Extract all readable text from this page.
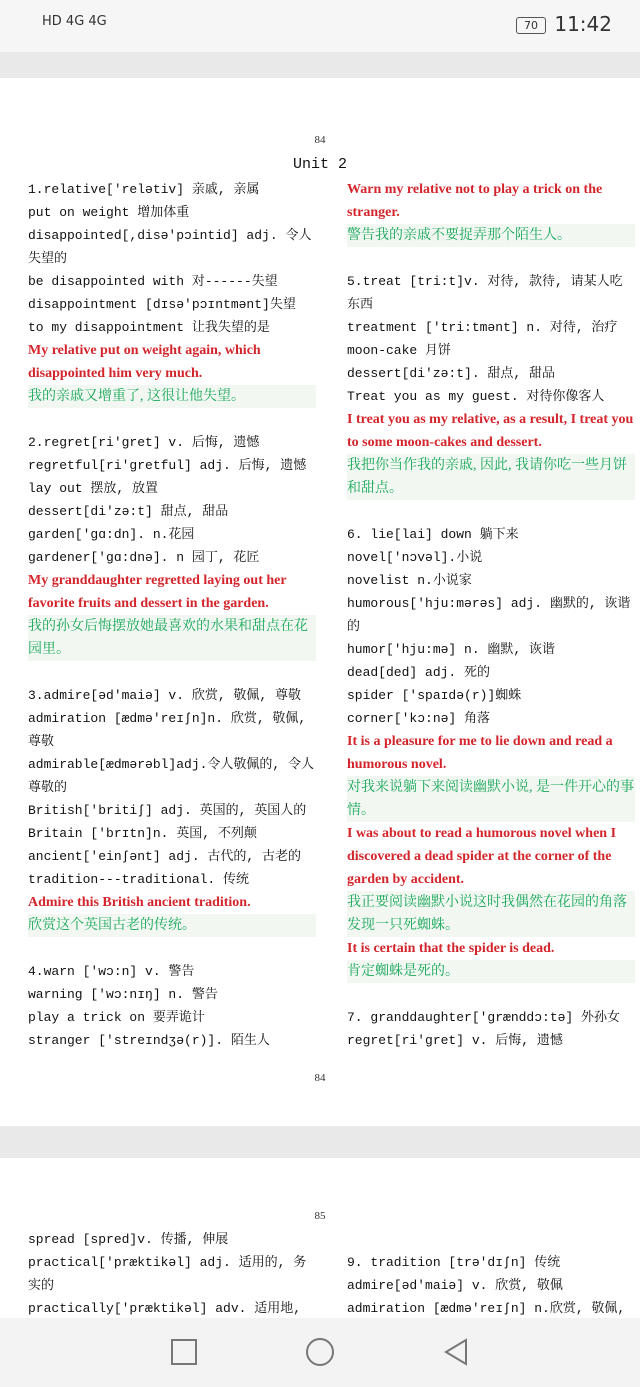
HD 4G 4G	70 11:42
84
Unit 2
1.relative['relətiv] 亲戚, 亲属
put on weight 增加体重
disappointed[,disə'pɔintid] adj. 令人失望的
be disappointed with 对------失望
disappointment [dɪsə'pɔɪntmənt]失望
to my disappointment 让我失望的是
My relative put on weight again, which disappointed him very much.
我的亲戚又增重了, 这很让他失望。
2.regret[ri'gret] v. 后悔, 遗憾
regretful[ri'gretful] adj. 后悔, 遗憾
lay out 摆放, 放置
dessert[di'zə:t] 甜点, 甜品
garden['gɑ:dn]. n.花园
gardener['gɑ:dnə]. n 园丁, 花匠
My granddaughter regretted laying out her favorite fruits and dessert in the garden.
我的孙女后悔摆放她最喜欢的水果和甜点在花园里。
3.admire[əd'maiə] v. 欣赏, 敬佩, 尊敬
admiration [ædmə'reɪʃn]n. 欣赏, 敬佩, 尊敬
admirable[ædmərəbl]adj.令人敬佩的, 令人尊敬的
British['britiʃ] adj. 英国的, 英国人的
Britain ['brɪtn]n. 英国, 不列颠
ancient['einʃənt] adj. 古代的, 古老的
tradition---traditional. 传统
Admire this British ancient tradition.
欣赏这个英国古老的传统。
4.warn ['wɔ:n] v. 警告
warning ['wɔ:nɪŋ] n. 警告
play a trick on 要弄诡计
stranger ['streɪndʒə(r)]. 陌生人
Warn my relative not to play a trick on the stranger.
警告我的亲戚不要捉弄那个陌生人。
5.treat [tri:t]v. 对待, 款待, 请某人吃东西
treatment ['tri:tmənt] n. 对待, 治疗
moon-cake 月饼
dessert[di'zə:t]. 甜点, 甜品
Treat you as my guest. 对待你像客人
I treat you as my relative, as a result, I treat you to some moon-cakes and dessert.
我把你当作我的亲戚, 因此, 我请你吃一些月饼和甜点。
6. lie[lai] down 躺下来
novel['nɔvəl].小说
novelist n.小说家
humorous['hju:mərəs] adj. 幽默的, 诙谐的
humor['hju:mə] n. 幽默, 诙谐
dead[ded] adj. 死的
spider ['spaɪdə(r)]蜘蛛
corner['kɔ:nə] 角落
It is a pleasure for me to lie down and read a humorous novel.
对我来说躺下来阅读幽默小说, 是一件开心的事情。
I was about to read a humorous novel when I discovered a dead spider at the corner of the garden by accident.
我正要阅读幽默小说这时我偶然在花园的角落发现一只死蜘蛛。
It is certain that the spider is dead.
肯定蜘蛛是死的。
7. granddaughter['grænddɔ:tə] 外孙女
regret[ri'gret] v. 后悔, 遗憾
84
85
spread [spred]v. 传播, 伸展
practical['præktikəl] adj. 适用的, 务实的
practically['præktikəl] adv. 适用地,
9. tradition [trə'dɪʃn] 传统
admire[əd'maiə] v. 欣赏, 敬佩
admiration [ædmə'reɪʃn] n.欣赏, 敬佩,
